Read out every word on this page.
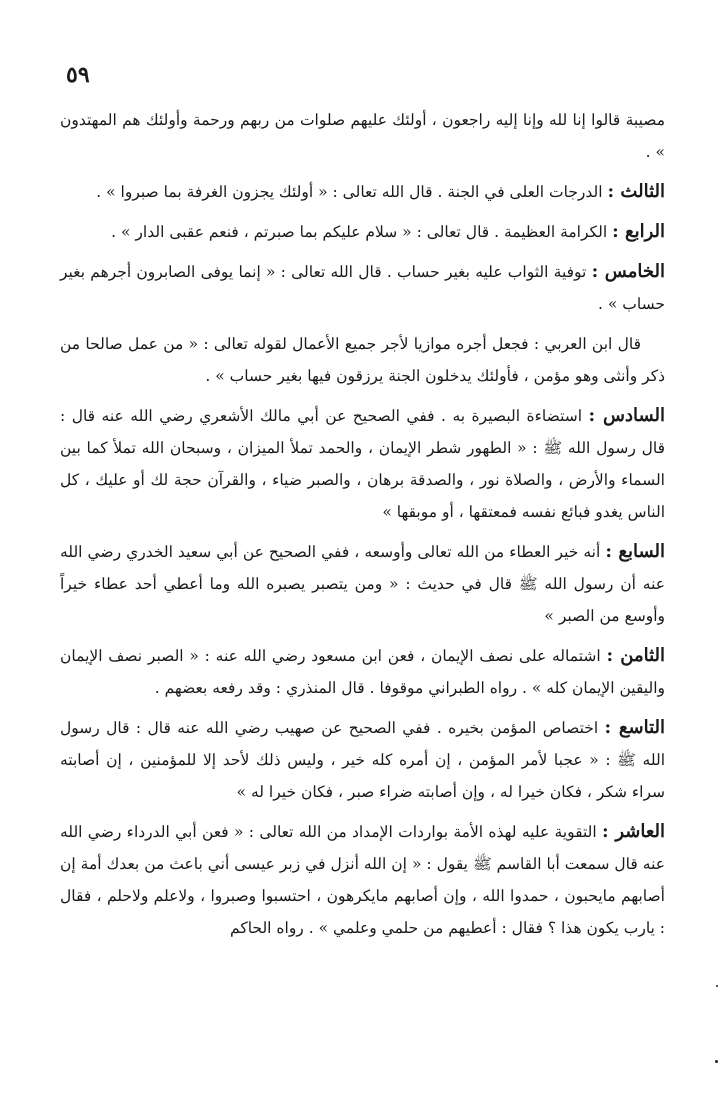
٥٩

مصيبة قالوا إنا لله وإنا إليه راجعون ، أولئك عليهم صلوات من ربهم ورحمة وأولئك هم المهتدون » .

الثالث : الدرجات العلى في الجنة . قال الله تعالى : « أولئك يجزون الغرفة بما صبروا » .

الرابع : الكرامة العظيمة . قال تعالى : « سلام عليكم بما صبرتم ، فنعم عقبى الدار » .

الخامس : توفية الثواب عليه بغير حساب . قال الله تعالى : « إنما يوفى الصابرون أجرهم بغير حساب » .

قال ابن العربي : فجعل أجره موازيا لأجر جميع الأعمال لقوله تعالى : « من عمل صالحا من ذكر وأنثى وهو مؤمن ، فأولئك يدخلون الجنة يرزقون فيها بغير حساب » .

السادس : استضاءة البصيرة به . ففي الصحيح عن أبي مالك الأشعري رضي الله عنه قال : قال رسول الله ﷺ : « الطهور شطر الإيمان ، والحمد تملأ الميزان ، وسبحان الله تملأ كما بين السماء والأرض ، والصلاة نور ، والصدقة برهان ، والصبر ضياء ، والقرآن حجة لك أو عليك ، كل الناس يغدو فبائع نفسه فمعتقها ، أو موبقها »

السابع : أنه خير العطاء من الله تعالى وأوسعه ، ففي الصحيح عن أبي سعيد الخدري رضي الله عنه أن رسول الله ﷺ قال في حديث : « ومن يتصبر يصبره الله وما أعطي أحد عطاء خيراً وأوسع من الصبر »

الثامن : اشتماله على نصف الإيمان ، فعن ابن مسعود رضي الله عنه : « الصبر نصف الإيمان واليقين الإيمان كله » . رواه الطبراني موقوفا . قال المنذري : وقد رفعه بعضهم .

التاسع : اختصاص المؤمن بخيره . ففي الصحيح عن صهيب رضي الله عنه قال : قال رسول الله ﷺ : « عجبا لأمر المؤمن ، إن أمره كله خير ، وليس ذلك لأحد إلا للمؤمنين ، إن أصابته سراء شكر ، فكان خيرا له ، وإن أصابته ضراء صبر ، فكان خيرا له »

العاشر : التقوية عليه لهذه الأمة بواردات الإمداد من الله تعالى : « فعن أبي الدرداء رضي الله عنه قال سمعت أبا القاسم ﷺ يقول : « إن الله أنزل في زبر عيسى أني باعث من بعدك أمة إن أصابهم مايحبون ، حمدوا الله ، وإن أصابهم مايكرهون ، احتسبوا وصبروا ، ولاعلم ولاحلم ، فقال : يارب يكون هذا ؟ فقال : أعطيهم من حلمي وعلمي » . رواه الحاكم
